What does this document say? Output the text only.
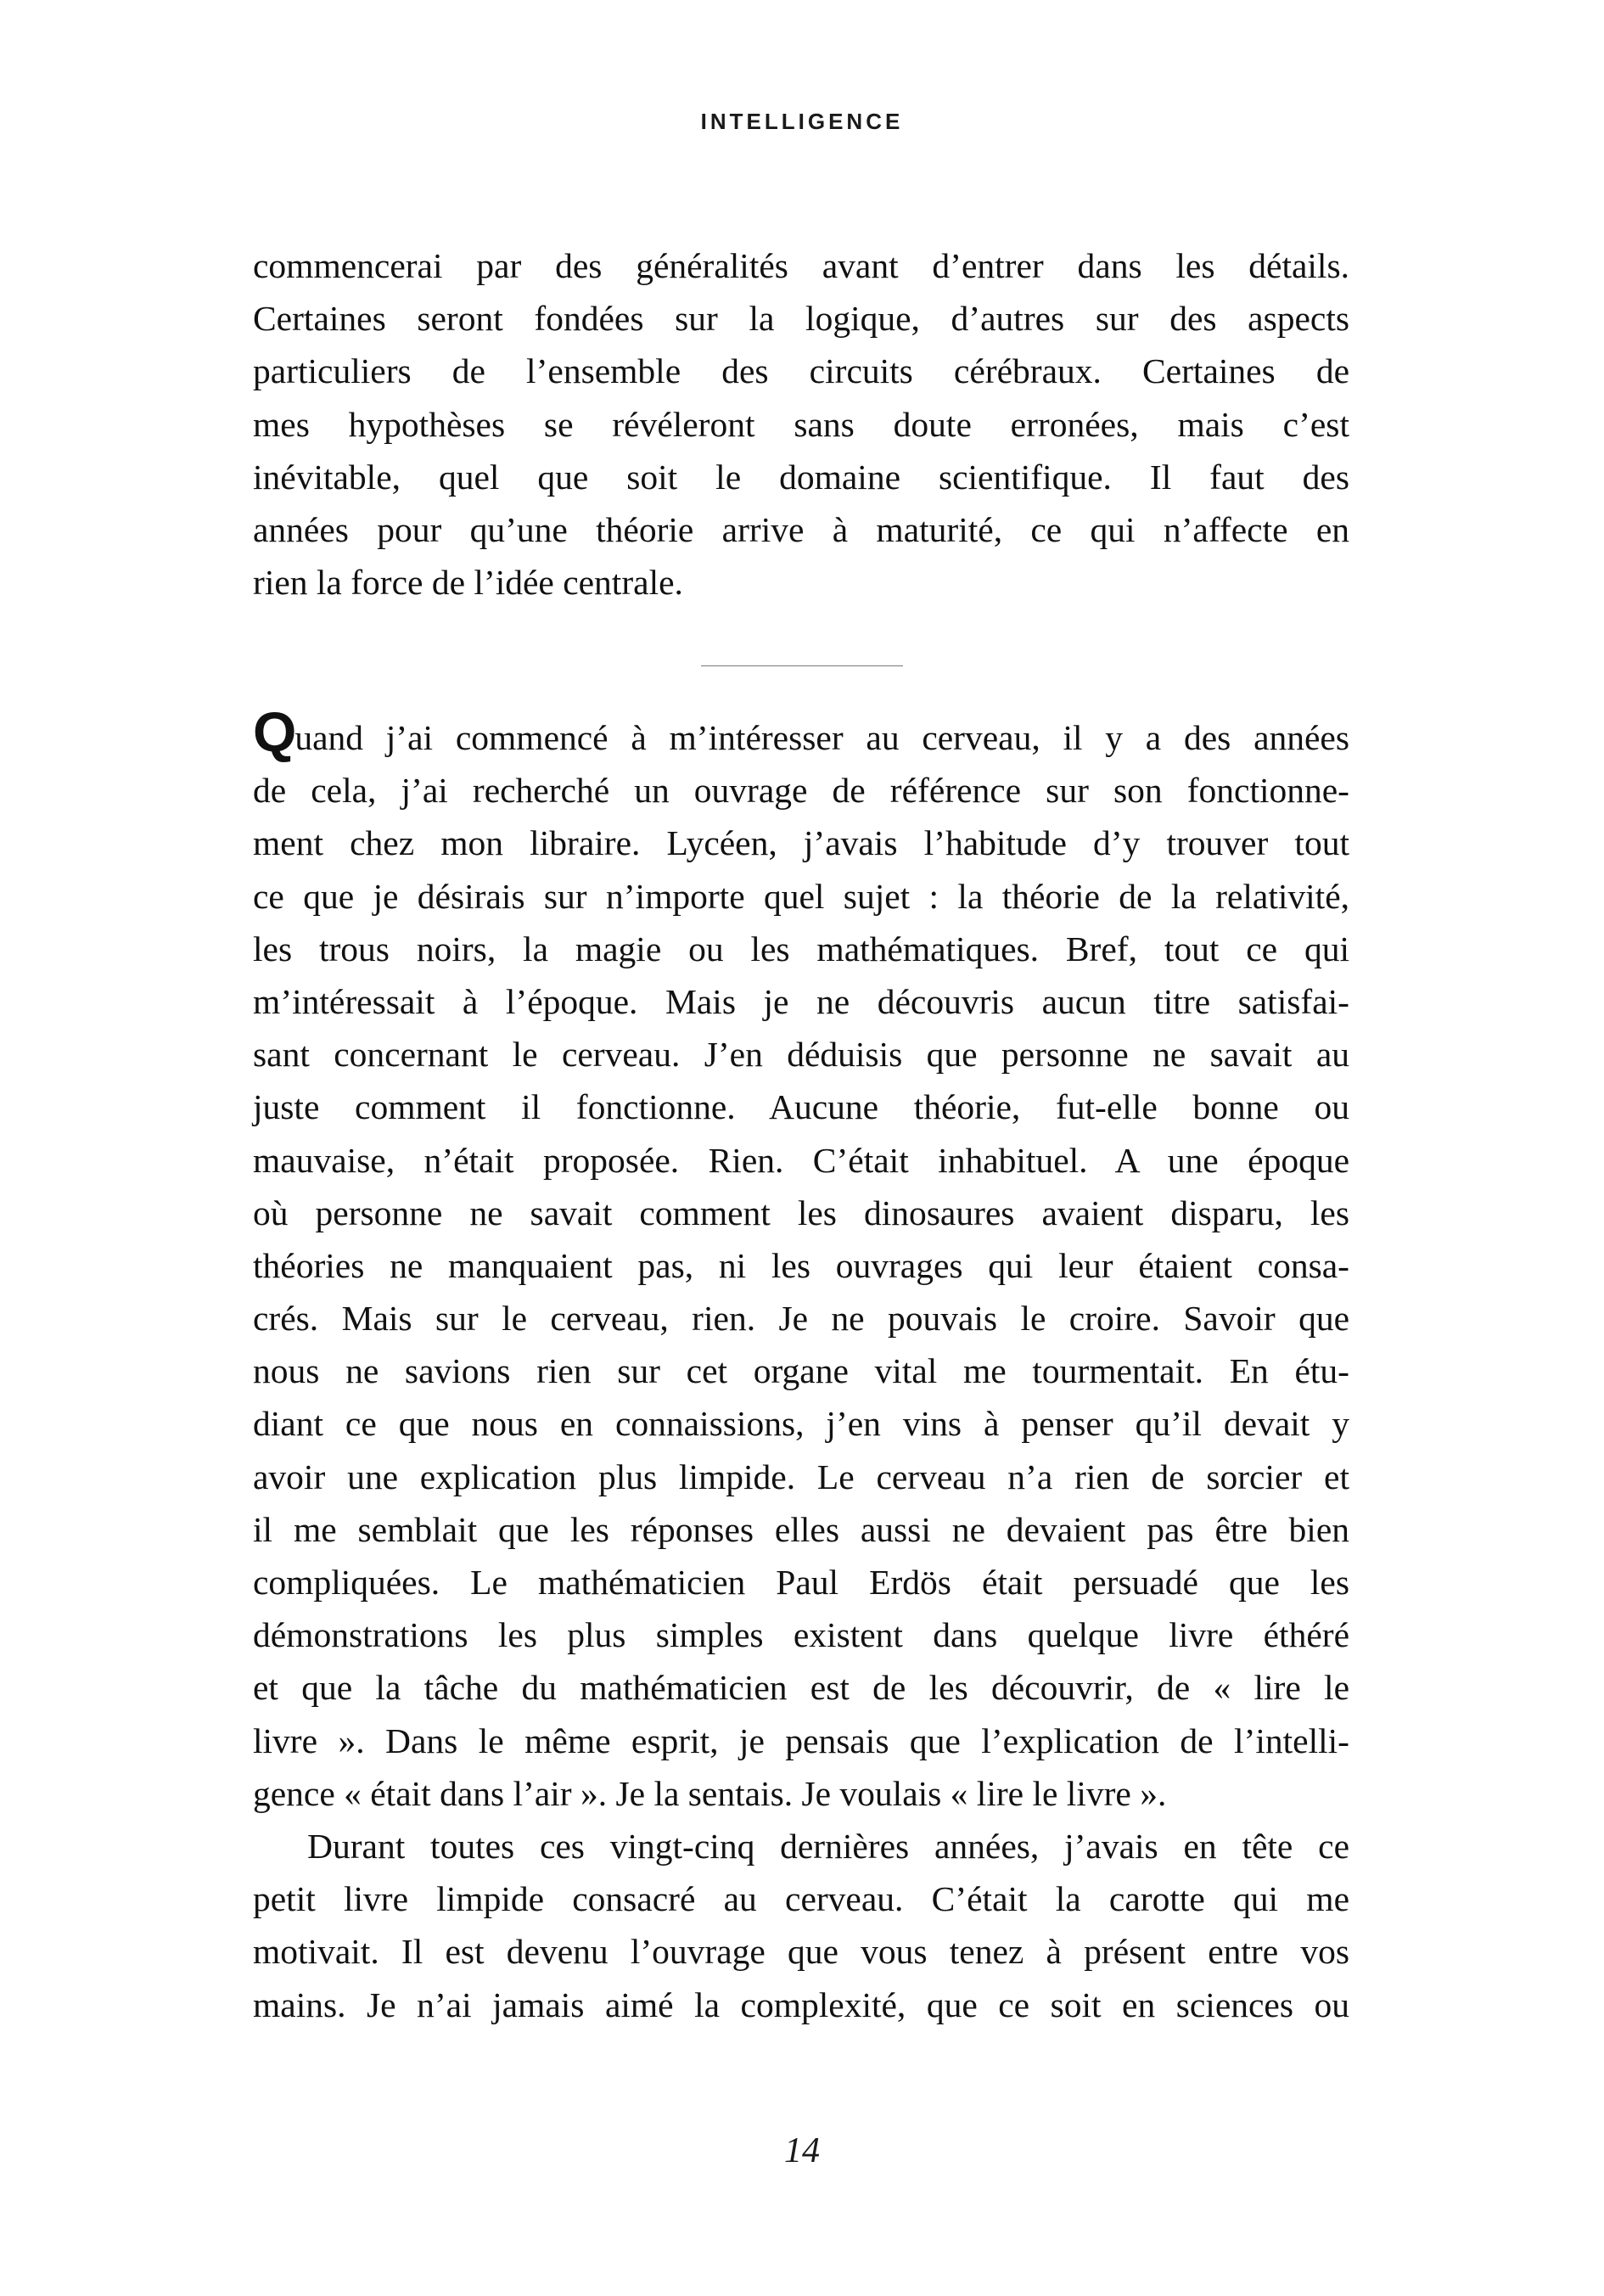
INTELLIGENCE
commencerai par des généralités avant d’entrer dans les détails.
Certaines seront fondées sur la logique, d’autres sur des aspects
particuliers de l’ensemble des circuits cérébraux. Certaines de
mes hypothèses se révéleront sans doute erronées, mais c’est
inévitable, quel que soit le domaine scientifique. Il faut des
années pour qu’une théorie arrive à maturité, ce qui n’affecte en
rien la force de l’idée centrale.
Quand j’ai commencé à m’intéresser au cerveau, il y a des années
de cela, j’ai recherché un ouvrage de référence sur son fonctionne-
ment chez mon libraire. Lycéen, j’avais l’habitude d’y trouver tout
ce que je désirais sur n’importe quel sujet : la théorie de la relativité,
les trous noirs, la magie ou les mathématiques. Bref, tout ce qui
m’intéressait à l’époque. Mais je ne découvris aucun titre satisfai-
sant concernant le cerveau. J’en déduisis que personne ne savait au
juste comment il fonctionne. Aucune théorie, fut-elle bonne ou
mauvaise, n’était proposée. Rien. C’était inhabituel. A une époque
où personne ne savait comment les dinosaures avaient disparu, les
théories ne manquaient pas, ni les ouvrages qui leur étaient consa-
crés. Mais sur le cerveau, rien. Je ne pouvais le croire. Savoir que
nous ne savions rien sur cet organe vital me tourmentait. En étu-
diant ce que nous en connaissions, j’en vins à penser qu’il devait y
avoir une explication plus limpide. Le cerveau n’a rien de sorcier et
il me semblait que les réponses elles aussi ne devaient pas être bien
compliquées. Le mathématicien Paul Erdös était persuadé que les
démonstrations les plus simples existent dans quelque livre éthéré
et que la tâche du mathématicien est de les découvrir, de « lire le
livre ». Dans le même esprit, je pensais que l’explication de l’intelli-
gence « était dans l’air ». Je la sentais. Je voulais « lire le livre ».
Durant toutes ces vingt-cinq dernières années, j’avais en tête ce
petit livre limpide consacré au cerveau. C’était la carotte qui me
motivait. Il est devenu l’ouvrage que vous tenez à présent entre vos
mains. Je n’ai jamais aimé la complexité, que ce soit en sciences ou
14
